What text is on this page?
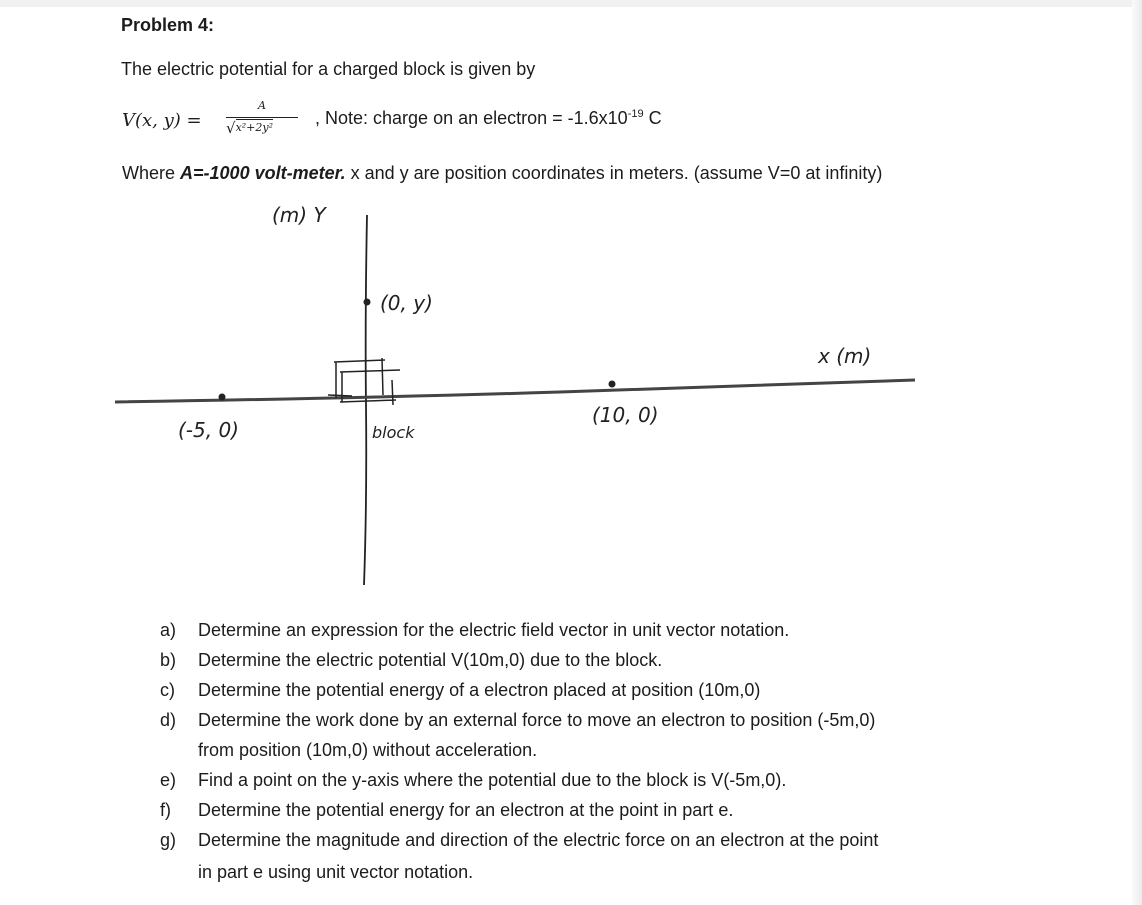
Problem 4:
The electric potential for a charged block is given by
V(x, y) =
A
√x²+2y² , Note: charge on an electron = $-1.6x10^{-19}$ C
Where A=-1000 volt-meter. x and y are position coordinates in meters. (assume V=0 at infinity)
(m) Y
x (m)
(0, y)
(-5, 0)
(10, 0)
block
a)	Determine an expression for the electric field vector in unit vector notation.
b)	Determine the electric potential V(10m,0) due to the block.
c)	Determine the potential energy of a electron placed at position (10m,0)
d)	Determine the work done by an external force to move an electron to position (-5m,0)
from position (10m,0) without acceleration.
e)	Find a point on the y-axis where the potential due to the block is V(-5m,0).
f)	Determine the potential energy for an electron at the point in part e.
g)	Determine the magnitude and direction of the electric force on an electron at the point
in part e using unit vector notation.
